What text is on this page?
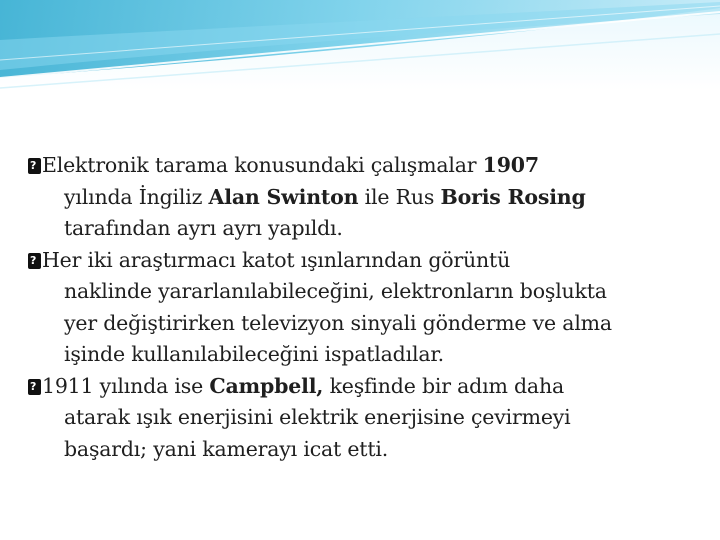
?
Elektronik tarama konusundaki çalışmalar 1907
yılında İngiliz Alan Swinton ile Rus Boris Rosing
tarafından ayrı ayrı yapıldı.
?
Her iki araştırmacı katot ışınlarından görüntü
naklinde yararlanılabileceğini, elektronların boşlukta
yer değiştirirken televizyon sinyali gönderme ve alma
işinde kullanılabileceğini ispatladılar.
?
1911 yılında ise Campbell, keşfinde bir adım daha
atarak ışık enerjisini elektrik enerjisine çevirmeyi
başardı; yani kamerayı icat etti.
